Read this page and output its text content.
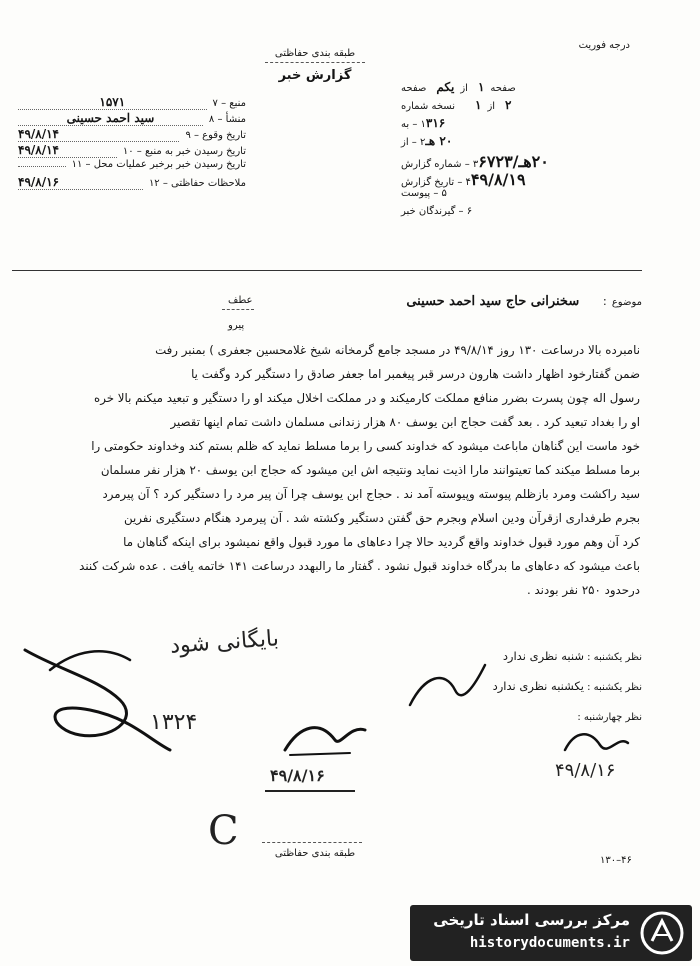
طبقه بندی حفاظتی
گزارش خبر
درجه فوریت
۷ – منبع
۱۵۷۱
۸ – منشأ
سید احمد حسینی
۹ – تاریخ وقوع
۴۹/۸/۱۴
۱۰ – تاریخ رسیدن خبر به منبع
۴۹/۸/۱۴
۱۱ – تاریخ رسیدن خبر برخبر عملیات محل
۱۲ – ملاحظات حفاظتی
۴۹/۸/۱۶
صفحه یکم از ۱ صفحه
نسخه شماره ۱ از ۲
۱ – به ۳۱۶
۲ – از ۲۰ هـ
۳ – شماره گزارش ۲۰هـ/۶۷۲۳
۴ – تاریخ گزارش ۴۹/۸/۱۹
۵ – پیوست
۶ – گیرندگان خبر
موضوع : سخنرانی حاج سید احمد حسینی
عطف
پیرو
نامبرده بالا درساعت ۱۳۰ روز ۴۹/۸/۱۴ در مسجد جامع گرمخانه شیخ غلامحسین جعفری ) بمنبر رفت
ضمن گفتارخود اظهار داشت هارون درسر قبر پیغمبر اما جعفر صادق را دستگیر کرد وگفت یا
رسول اله چون پسرت بضرر منافع مملکت کارمیکند و در مملکت اخلال میکند او را دستگیر و تبعید میکنم بالا خره
او را بغداد تبعید کرد . بعد گفت حجاج ابن یوسف ۸۰ هزار زندانی مسلمان داشت تمام اینها تقصیر
خود ماست این گناهان ماباعث میشود که خداوند کسی را برما مسلط نماید که ظلم بستم کند وخداوند حکومتی را
برما مسلط میکند کما تعیتوانند مارا اذیت نماید ونتیجه اش این میشود که حجاج ابن یوسف ۲۰ هزار نفر مسلمان
سید راکشت ومرد بازظلم پیوسته وپیوسته آمد ند . حجاج ابن یوسف چرا آن پیر مرد را دستگیر کرد ؟ آن پیرمرد
بجرم طرفداری ازقرآن ودین اسلام وبجرم حق گفتن دستگیر وکشته شد . آن پیرمرد هنگام دستگیری نفرین
کرد آن وهم مورد قبول خداوند واقع گردید حالا چرا دعاهای ما مورد قبول واقع نمیشود برای اینکه گناهان ما
باعث میشود که دعاهای ما بدرگاه خداوند قبول نشود . گفتار ما رالبهدد درساعت ۱۴۱ خاتمه یافت . عده شرکت کنند
درحدود ۲۵۰ نفر بودند .
نظر یکشنبه : شنبه نظری ندارد
نظر یکشنبه : یکشنبه نظری ندارد
نظر چهارشنبه :
بایگانی شود
۱۳۲۴
۴۹/۸/۱۶	۴۹/۸/۱۶
C	طبقه بندی حفاظتی
۱۳۰–۴۶
مرکز بررسی اسناد تاریخی
historydocuments.ir
